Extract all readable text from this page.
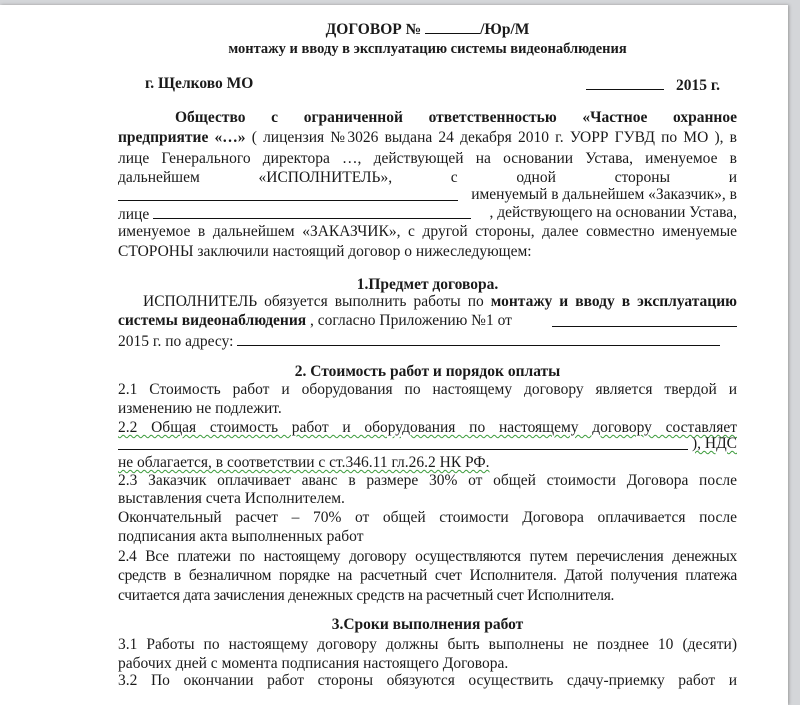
ДОГОВОР №	/Юр/М
монтажу и вводу в эксплуатацию системы видеонаблюдения
г. Щелково МО	2015 г.
Общество с ограниченной ответственностью «Частное охранное
предприятие «…» ( лицензия №3026 выдана 24 декабря 2010 г. УОРР ГУВД по МО ), в
лице Генерального директора …, действующей на основании Устава, именуемое в
дальнейшем «ИСПОЛНИТЕЛЬ», с одной стороны и
именуемый в дальнейшем «Заказчик», в
лице	, действующего на основании Устава,
именуемое в дальнейшем «ЗАКАЗЧИК», с другой стороны, далее совместно именуемые
СТОРОНЫ заключили настоящий договор о нижеследующем:
1.Предмет договора.
ИСПОЛНИТЕЛЬ обязуется выполнить работы по монтажу и вводу в эксплуатацию
системы видеонаблюдения , согласно Приложению №1 от
2015 г. по адресу:
2. Стоимость работ и порядок оплаты
2.1 Стоимость работ и оборудования по настоящему договору является твердой и
изменению не подлежит.
2.2 Общая стоимость работ и оборудования по настоящему договору составляет
), НДС
не облагается, в соответствии с ст.346.11 гл.26.2 НК РФ.
2.3 Заказчик оплачивает аванс в размере 30% от общей стоимости Договора после
выставления счета Исполнителем.
Окончательный расчет – 70% от общей стоимости Договора оплачивается после
подписания акта выполненных работ
2.4 Все платежи по настоящему договору осуществляются путем перечисления денежных
средств в безналичном порядке на расчетный счет Исполнителя. Датой получения платежа
считается дата зачисления денежных средств на расчетный счет Исполнителя.
3.Сроки выполнения работ
3.1 Работы по настоящему договору должны быть выполнены не позднее 10 (десяти)
рабочих дней с момента подписания настоящего Договора.
3.2 По окончании работ стороны обязуются осуществить сдачу-приемку работ и
